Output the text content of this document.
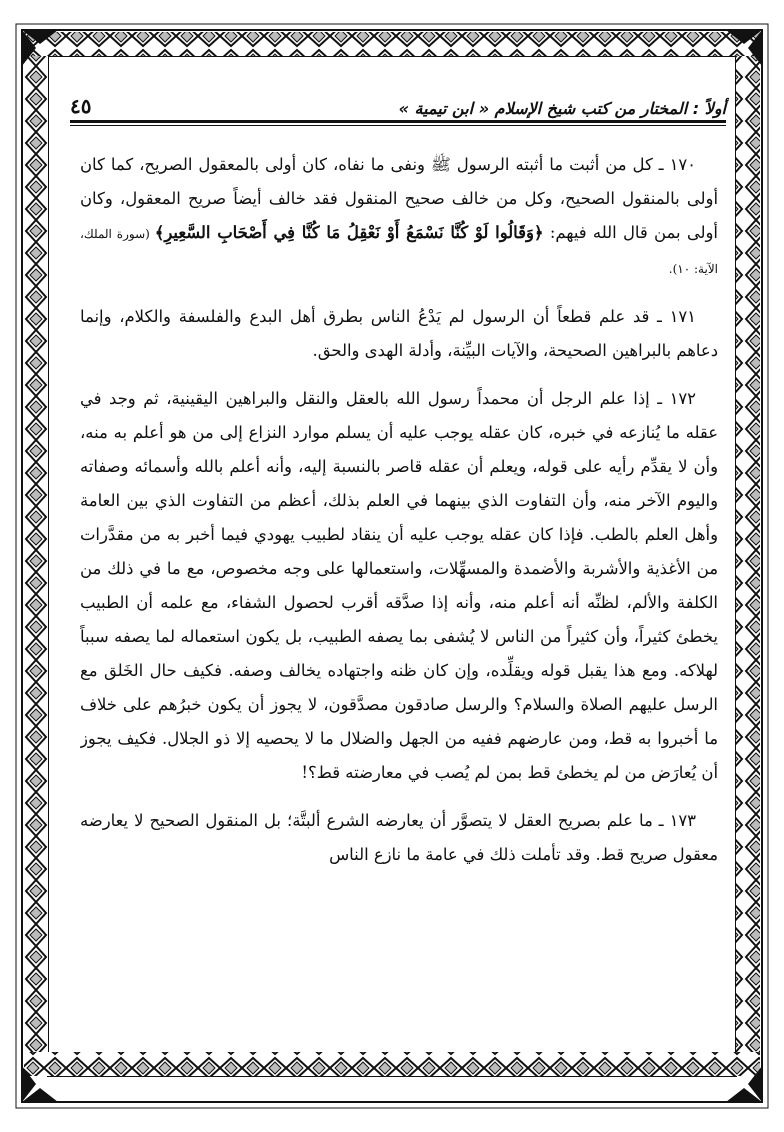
أولاً : المختار من كتب شيخ الإسلام « ابن تيمية »
٤٥

١٧٠ ـ كل من أثبت ما أثبته الرسول ﷺ ونفى ما نفاه، كان أولى بالمعقول الصريح، كما كان أولى بالمنقول الصحيح، وكل من خالف صحيح المنقول فقد خالف أيضاً صريح المعقول، وكان أولى بمن قال الله فيهم: ﴿وَقَالُوا لَوْ كُنَّا نَسْمَعُ أَوْ نَعْقِلُ مَا كُنَّا فِي أَصْحَابِ السَّعِيرِ﴾ (سورة الملك، الآية: ١٠).

١٧١ ـ قد علم قطعاً أن الرسول لم يَدْعُ الناس بطرق أهل البدع والفلسفة والكلام، وإنما دعاهم بالبراهين الصحيحة، والآيات البيِّنة، وأدلة الهدى والحق.

١٧٢ ـ إذا علم الرجل أن محمداً رسول الله بالعقل والنقل والبراهين اليقينية، ثم وجد في عقله ما يُنازعه في خبره، كان عقله يوجب عليه أن يسلم موارد النزاع إلى من هو أعلم به منه، وأن لا يقدِّم رأيه على قوله، ويعلم أن عقله قاصر بالنسبة إليه، وأنه أعلم بالله وأسمائه وصفاته واليوم الآخر منه، وأن التفاوت الذي بينهما في العلم بذلك، أعظم من التفاوت الذي بين العامة وأهل العلم بالطب. فإذا كان عقله يوجب عليه أن ينقاد لطبيب يهودي فيما أخبر به من مقدَّرات من الأغذية والأشربة والأضمدة والمسهِّلات، واستعمالها على وجه مخصوص، مع ما في ذلك من الكلفة والألم، لظنِّه أنه أعلم منه، وأنه إذا صدَّقه أقرب لحصول الشفاء، مع علمه أن الطبيب يخطئ كثيراً، وأن كثيراً من الناس لا يُشفى بما يصفه الطبيب، بل يكون استعماله لما يصفه سبباً لهلاكه. ومع هذا يقبل قوله ويقلِّده، وإن كان ظنه واجتهاده يخالف وصفه. فكيف حال الخَلق مع الرسل عليهم الصلاة والسلام؟ والرسل صادقون مصدَّقون، لا يجوز أن يكون خبرُهم على خلاف ما أخبروا به قط، ومن عارضهم ففيه من الجهل والضلال ما لا يحصيه إلا ذو الجلال. فكيف يجوز أن يُعارَض من لم يخطئ قط بمن لم يُصب في معارضته قط؟!

١٧٣ ـ ما علم بصريح العقل لا يتصوَّر أن يعارضه الشرع ألبتَّة؛ بل المنقول الصحيح لا يعارضه معقول صريح قط. وقد تأملت ذلك في عامة ما نازع الناس
